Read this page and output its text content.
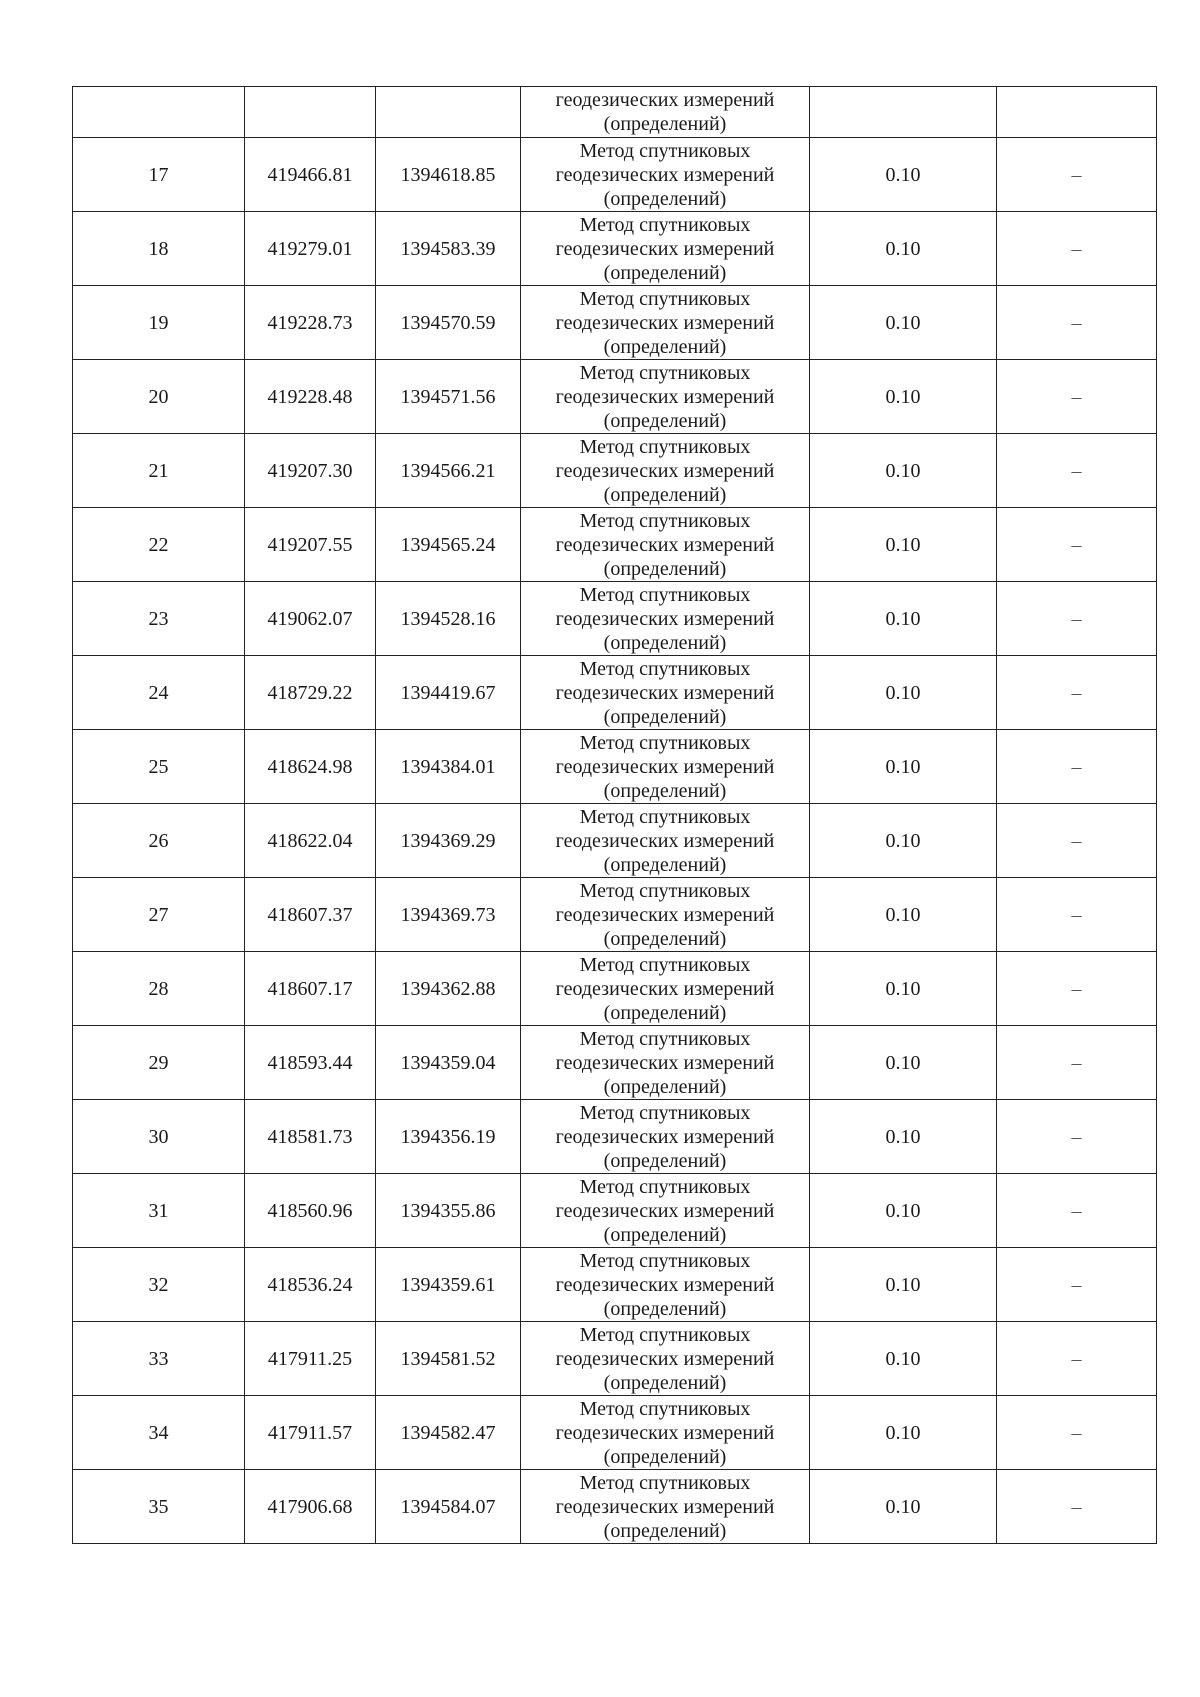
			геодезических измерений
(определений)		

17	419466.81	1394618.85	Метод спутниковых
геодезических измерений
(определений)	0.10	–
18	419279.01	1394583.39	Метод спутниковых
геодезических измерений
(определений)	0.10	–
19	419228.73	1394570.59	Метод спутниковых
геодезических измерений
(определений)	0.10	–
20	419228.48	1394571.56	Метод спутниковых
геодезических измерений
(определений)	0.10	–
21	419207.30	1394566.21	Метод спутниковых
геодезических измерений
(определений)	0.10	–
22	419207.55	1394565.24	Метод спутниковых
геодезических измерений
(определений)	0.10	–
23	419062.07	1394528.16	Метод спутниковых
геодезических измерений
(определений)	0.10	–
24	418729.22	1394419.67	Метод спутниковых
геодезических измерений
(определений)	0.10	–
25	418624.98	1394384.01	Метод спутниковых
геодезических измерений
(определений)	0.10	–
26	418622.04	1394369.29	Метод спутниковых
геодезических измерений
(определений)	0.10	–
27	418607.37	1394369.73	Метод спутниковых
геодезических измерений
(определений)	0.10	–
28	418607.17	1394362.88	Метод спутниковых
геодезических измерений
(определений)	0.10	–
29	418593.44	1394359.04	Метод спутниковых
геодезических измерений
(определений)	0.10	–
30	418581.73	1394356.19	Метод спутниковых
геодезических измерений
(определений)	0.10	–
31	418560.96	1394355.86	Метод спутниковых
геодезических измерений
(определений)	0.10	–
32	418536.24	1394359.61	Метод спутниковых
геодезических измерений
(определений)	0.10	–
33	417911.25	1394581.52	Метод спутниковых
геодезических измерений
(определений)	0.10	–
34	417911.57	1394582.47	Метод спутниковых
геодезических измерений
(определений)	0.10	–
35	417906.68	1394584.07	Метод спутниковых
геодезических измерений
(определений)	0.10	–
